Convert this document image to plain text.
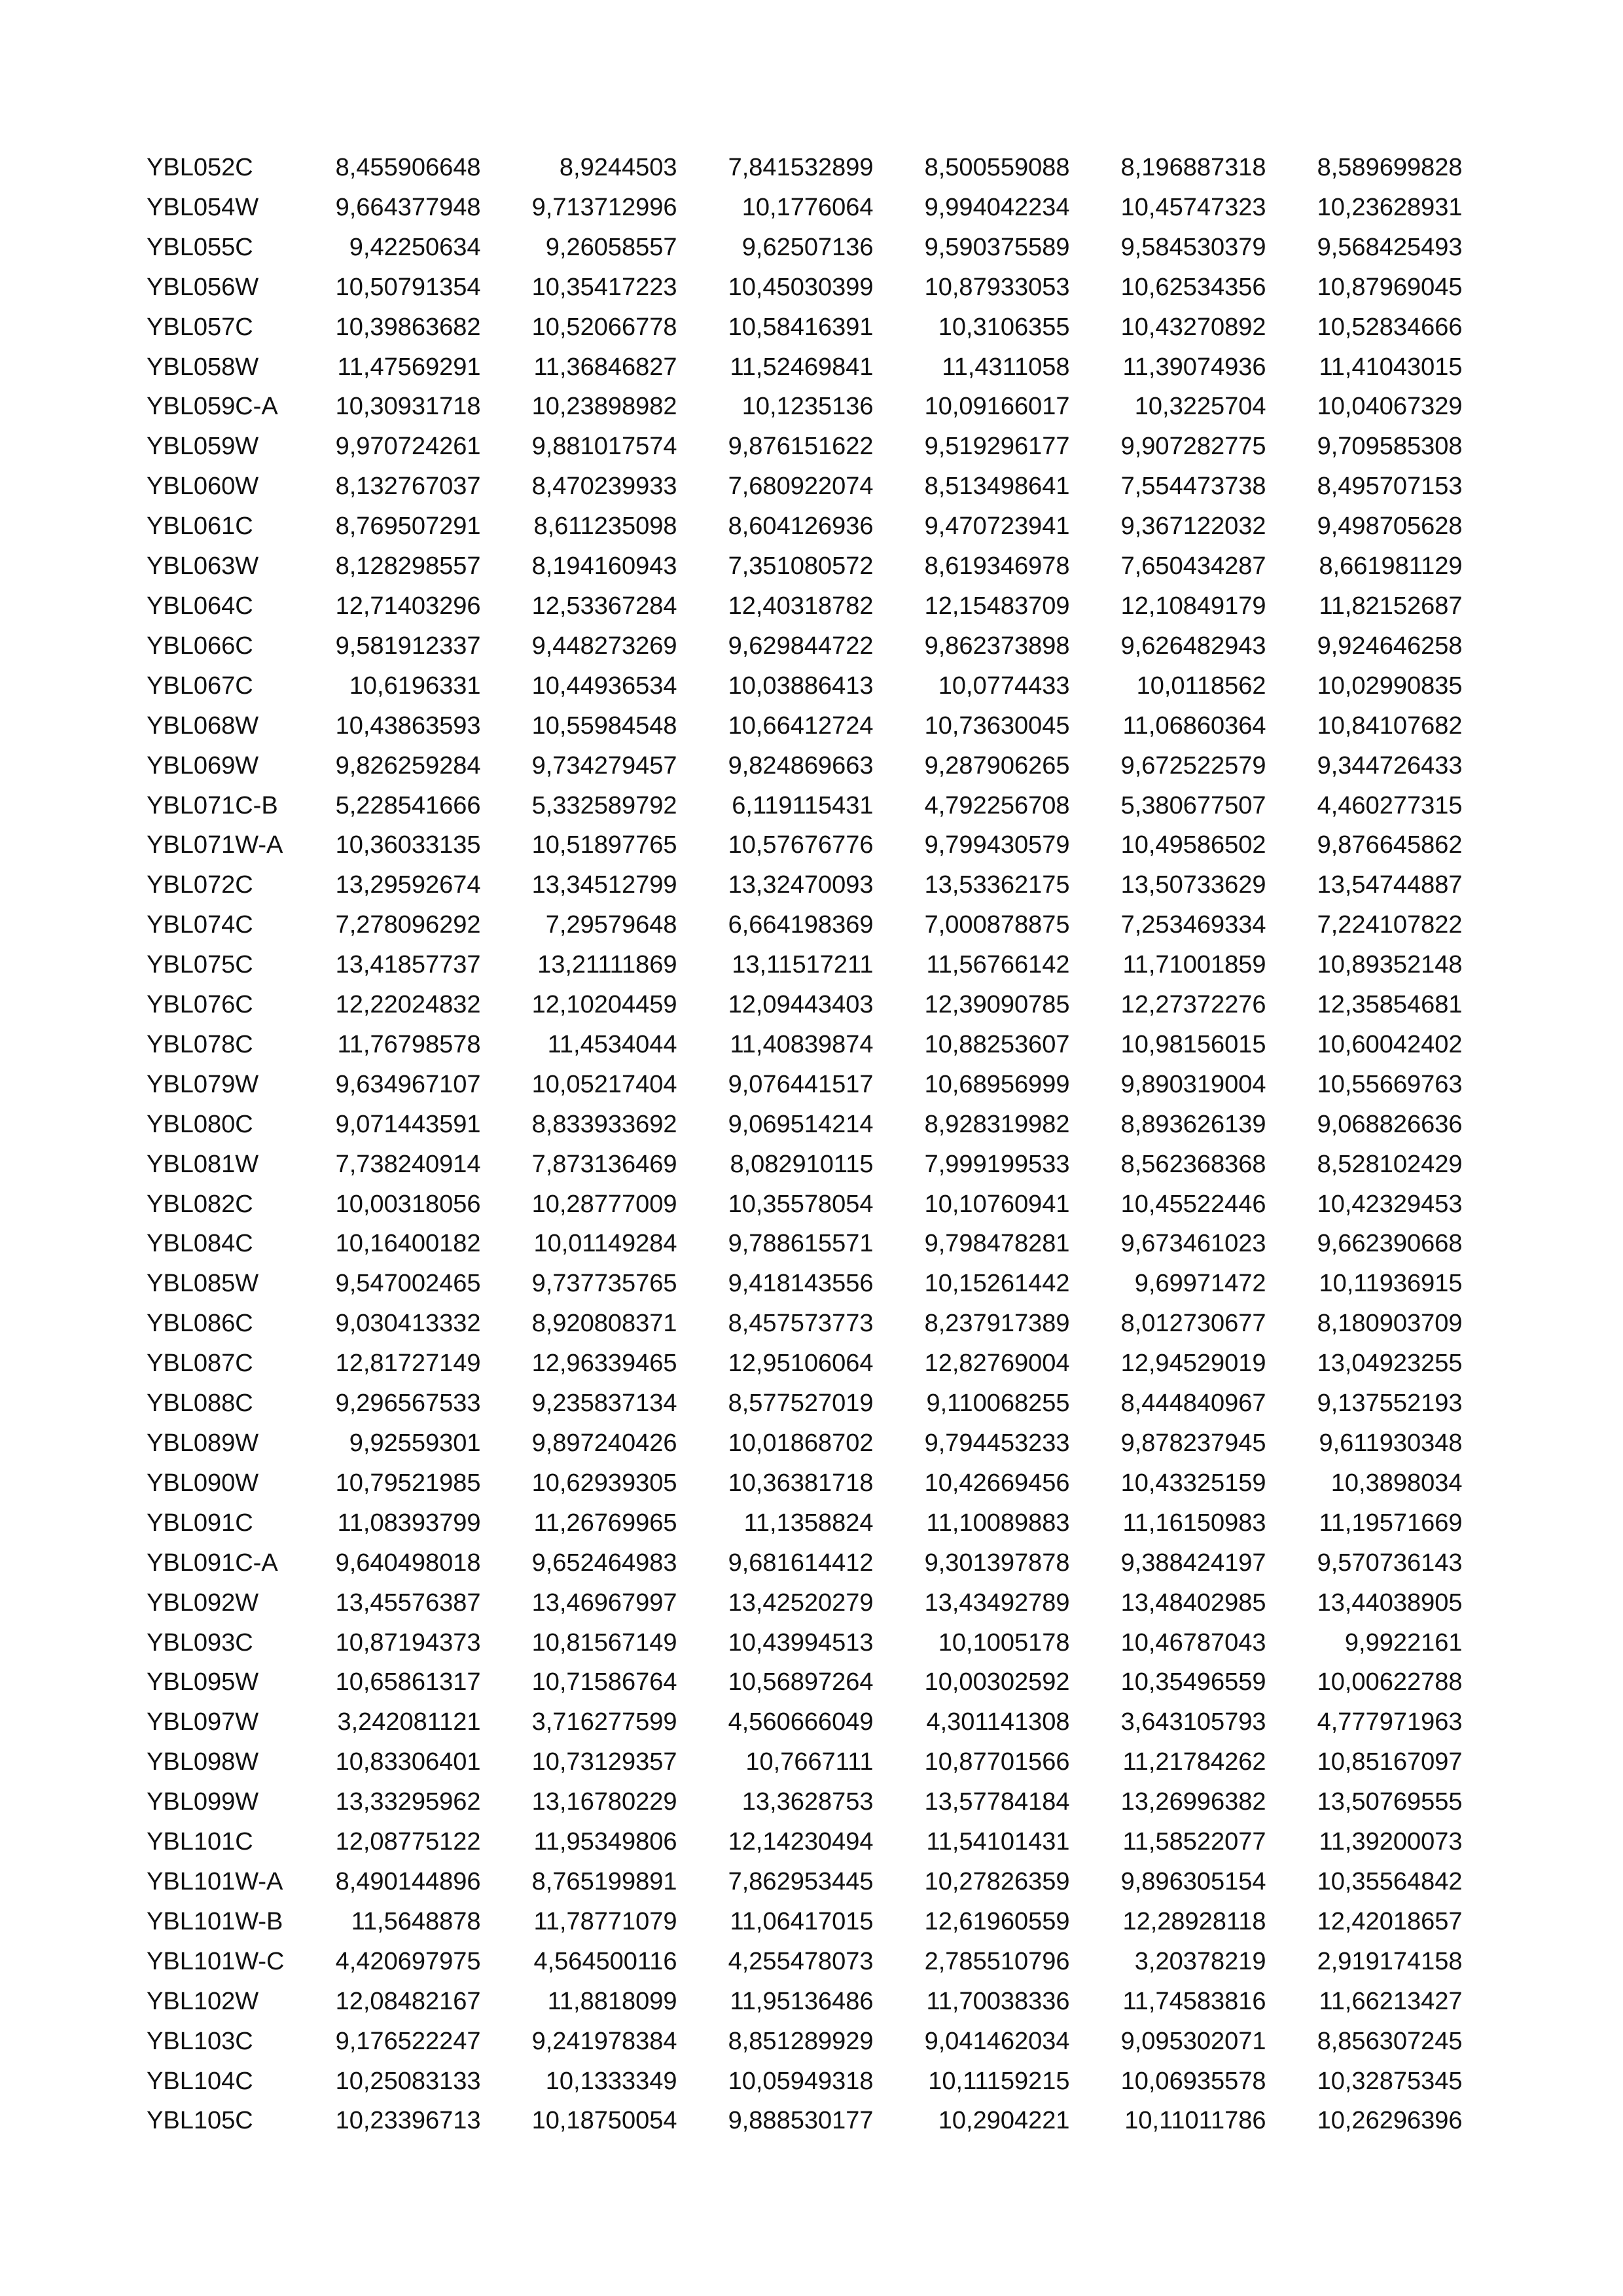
YBL052C	8,455906648	8,9244503	7,841532899	8,500559088	8,196887318	8,589699828
YBL054W	9,664377948	9,713712996	10,1776064	9,994042234	10,45747323	10,23628931
YBL055C	9,42250634	9,26058557	9,62507136	9,590375589	9,584530379	9,568425493
YBL056W	10,50791354	10,35417223	10,45030399	10,87933053	10,62534356	10,87969045
YBL057C	10,39863682	10,52066778	10,58416391	10,3106355	10,43270892	10,52834666
YBL058W	11,47569291	11,36846827	11,52469841	11,4311058	11,39074936	11,41043015
YBL059C-A	10,30931718	10,23898982	10,1235136	10,09166017	10,3225704	10,04067329
YBL059W	9,970724261	9,881017574	9,876151622	9,519296177	9,907282775	9,709585308
YBL060W	8,132767037	8,470239933	7,680922074	8,513498641	7,554473738	8,495707153
YBL061C	8,769507291	8,611235098	8,604126936	9,470723941	9,367122032	9,498705628
YBL063W	8,128298557	8,194160943	7,351080572	8,619346978	7,650434287	8,661981129
YBL064C	12,71403296	12,53367284	12,40318782	12,15483709	12,10849179	11,82152687
YBL066C	9,581912337	9,448273269	9,629844722	9,862373898	9,626482943	9,924646258
YBL067C	10,6196331	10,44936534	10,03886413	10,0774433	10,0118562	10,02990835
YBL068W	10,43863593	10,55984548	10,66412724	10,73630045	11,06860364	10,84107682
YBL069W	9,826259284	9,734279457	9,824869663	9,287906265	9,672522579	9,344726433
YBL071C-B	5,228541666	5,332589792	6,119115431	4,792256708	5,380677507	4,460277315
YBL071W-A	10,36033135	10,51897765	10,57676776	9,799430579	10,49586502	9,876645862
YBL072C	13,29592674	13,34512799	13,32470093	13,53362175	13,50733629	13,54744887
YBL074C	7,278096292	7,29579648	6,664198369	7,000878875	7,253469334	7,224107822
YBL075C	13,41857737	13,21111869	13,11517211	11,56766142	11,71001859	10,89352148
YBL076C	12,22024832	12,10204459	12,09443403	12,39090785	12,27372276	12,35854681
YBL078C	11,76798578	11,4534044	11,40839874	10,88253607	10,98156015	10,60042402
YBL079W	9,634967107	10,05217404	9,076441517	10,68956999	9,890319004	10,55669763
YBL080C	9,071443591	8,833933692	9,069514214	8,928319982	8,893626139	9,068826636
YBL081W	7,738240914	7,873136469	8,082910115	7,999199533	8,562368368	8,528102429
YBL082C	10,00318056	10,28777009	10,35578054	10,10760941	10,45522446	10,42329453
YBL084C	10,16400182	10,01149284	9,788615571	9,798478281	9,673461023	9,662390668
YBL085W	9,547002465	9,737735765	9,418143556	10,15261442	9,69971472	10,11936915
YBL086C	9,030413332	8,920808371	8,457573773	8,237917389	8,012730677	8,180903709
YBL087C	12,81727149	12,96339465	12,95106064	12,82769004	12,94529019	13,04923255
YBL088C	9,296567533	9,235837134	8,577527019	9,110068255	8,444840967	9,137552193
YBL089W	9,92559301	9,897240426	10,01868702	9,794453233	9,878237945	9,611930348
YBL090W	10,79521985	10,62939305	10,36381718	10,42669456	10,43325159	10,3898034
YBL091C	11,08393799	11,26769965	11,1358824	11,10089883	11,16150983	11,19571669
YBL091C-A	9,640498018	9,652464983	9,681614412	9,301397878	9,388424197	9,570736143
YBL092W	13,45576387	13,46967997	13,42520279	13,43492789	13,48402985	13,44038905
YBL093C	10,87194373	10,81567149	10,43994513	10,1005178	10,46787043	9,9922161
YBL095W	10,65861317	10,71586764	10,56897264	10,00302592	10,35496559	10,00622788
YBL097W	3,242081121	3,716277599	4,560666049	4,301141308	3,643105793	4,777971963
YBL098W	10,83306401	10,73129357	10,7667111	10,87701566	11,21784262	10,85167097
YBL099W	13,33295962	13,16780229	13,3628753	13,57784184	13,26996382	13,50769555
YBL101C	12,08775122	11,95349806	12,14230494	11,54101431	11,58522077	11,39200073
YBL101W-A	8,490144896	8,765199891	7,862953445	10,27826359	9,896305154	10,35564842
YBL101W-B	11,5648878	11,78771079	11,06417015	12,61960559	12,28928118	12,42018657
YBL101W-C	4,420697975	4,564500116	4,255478073	2,785510796	3,20378219	2,919174158
YBL102W	12,08482167	11,8818099	11,95136486	11,70038336	11,74583816	11,66213427
YBL103C	9,176522247	9,241978384	8,851289929	9,041462034	9,095302071	8,856307245
YBL104C	10,25083133	10,1333349	10,05949318	10,11159215	10,06935578	10,32875345
YBL105C	10,23396713	10,18750054	9,888530177	10,2904221	10,11011786	10,26296396
